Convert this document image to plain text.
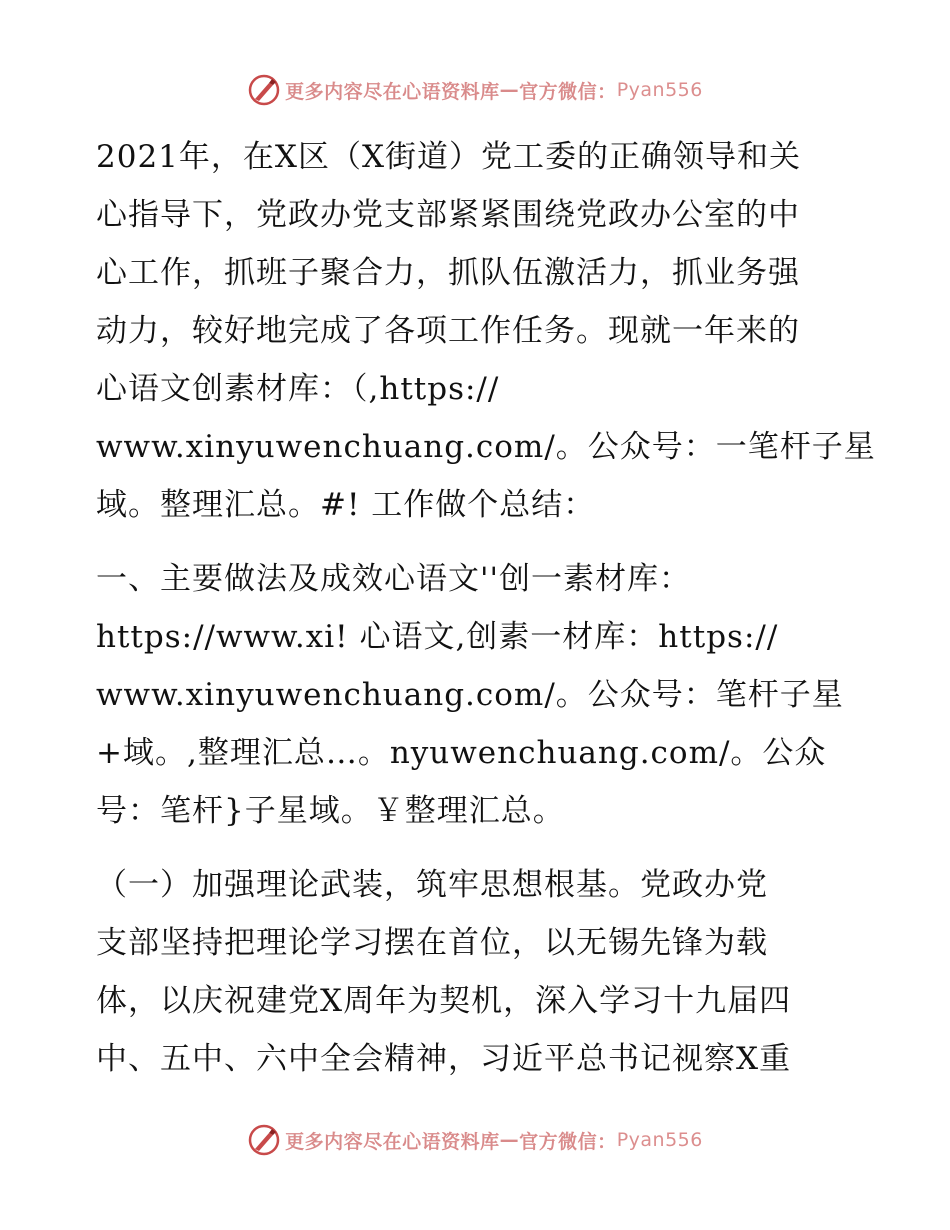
更多内容尽在心语资料库 — 官方微信： Pyan556
2021年，在X区（X街道）党工委的正确领导和关
心指导下，党政办党支部紧紧围绕党政办公室的中
心工作，抓班子聚合力，抓队伍激活力，抓业务强
动力，较好地完成了各项工作任务。现就一年来的
心语文创素材库：（,https://
www.xinyuwenchuang.com/。公众号：一笔杆子星
域。整理汇总。#! 工作做个总结：
一、主要做法及成效心语文''创一素材库：
https://www.xi! 心语文,创素一材库：https://
www.xinyuwenchuang.com/。公众号：笔杆子星
+域。,整理汇总…。nyuwenchuang.com/。公众
号：笔杆}子星域。￥整理汇总。
（一）加强理论武装，筑牢思想根基。党政办党
支部坚持把理论学习摆在首位，以无锡先锋为载
体，以庆祝建党X周年为契机，深入学习十九届四
中、五中、六中全会精神，习近平总书记视察X重
更多内容尽在心语资料库 — 官方微信： Pyan556
